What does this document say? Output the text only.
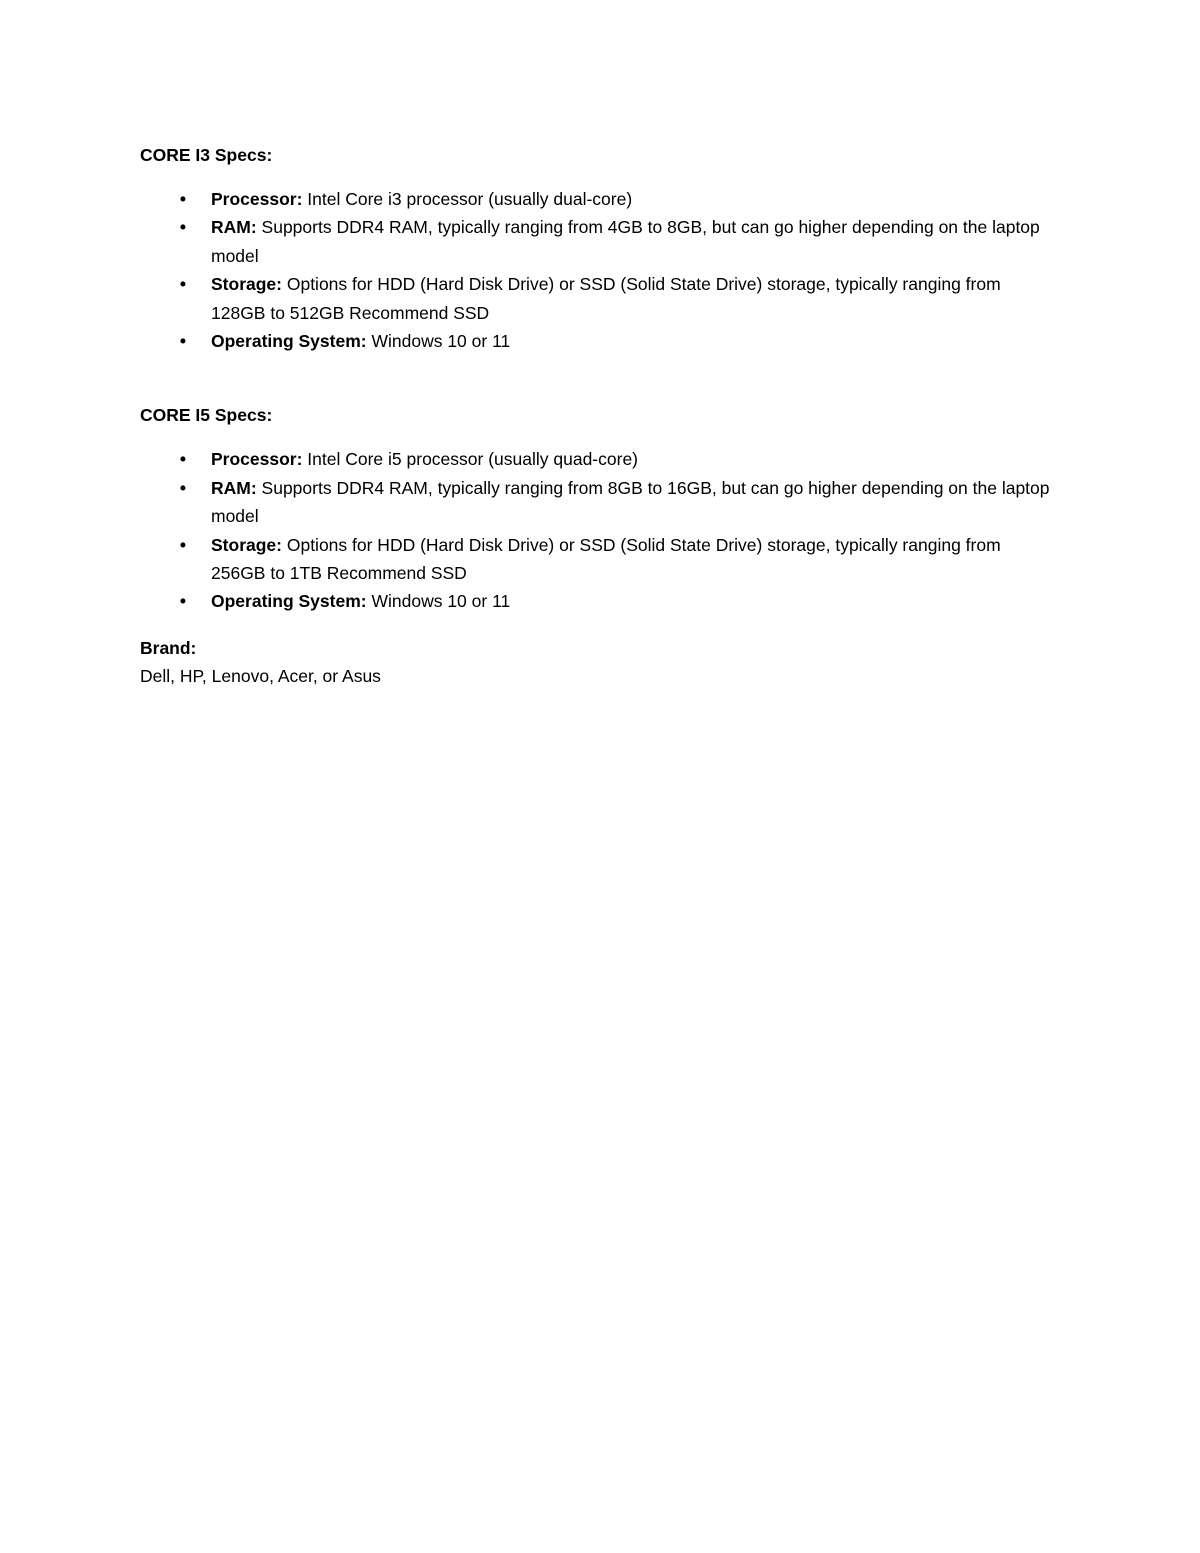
CORE I3 Specs:

• Processor: Intel Core i3 processor (usually dual-core)
• RAM: Supports DDR4 RAM, typically ranging from 4GB to 8GB, but can go higher depending on the laptop model
• Storage: Options for HDD (Hard Disk Drive) or SSD (Solid State Drive) storage, typically ranging from 128GB to 512GB Recommend SSD
• Operating System: Windows 10 or 11

CORE I5 Specs:

• Processor: Intel Core i5 processor (usually quad-core)
• RAM: Supports DDR4 RAM, typically ranging from 8GB to 16GB, but can go higher depending on the laptop model
• Storage: Options for HDD (Hard Disk Drive) or SSD (Solid State Drive) storage, typically ranging from 256GB to 1TB Recommend SSD
• Operating System: Windows 10 or 11

Brand:

Dell, HP, Lenovo, Acer, or Asus
